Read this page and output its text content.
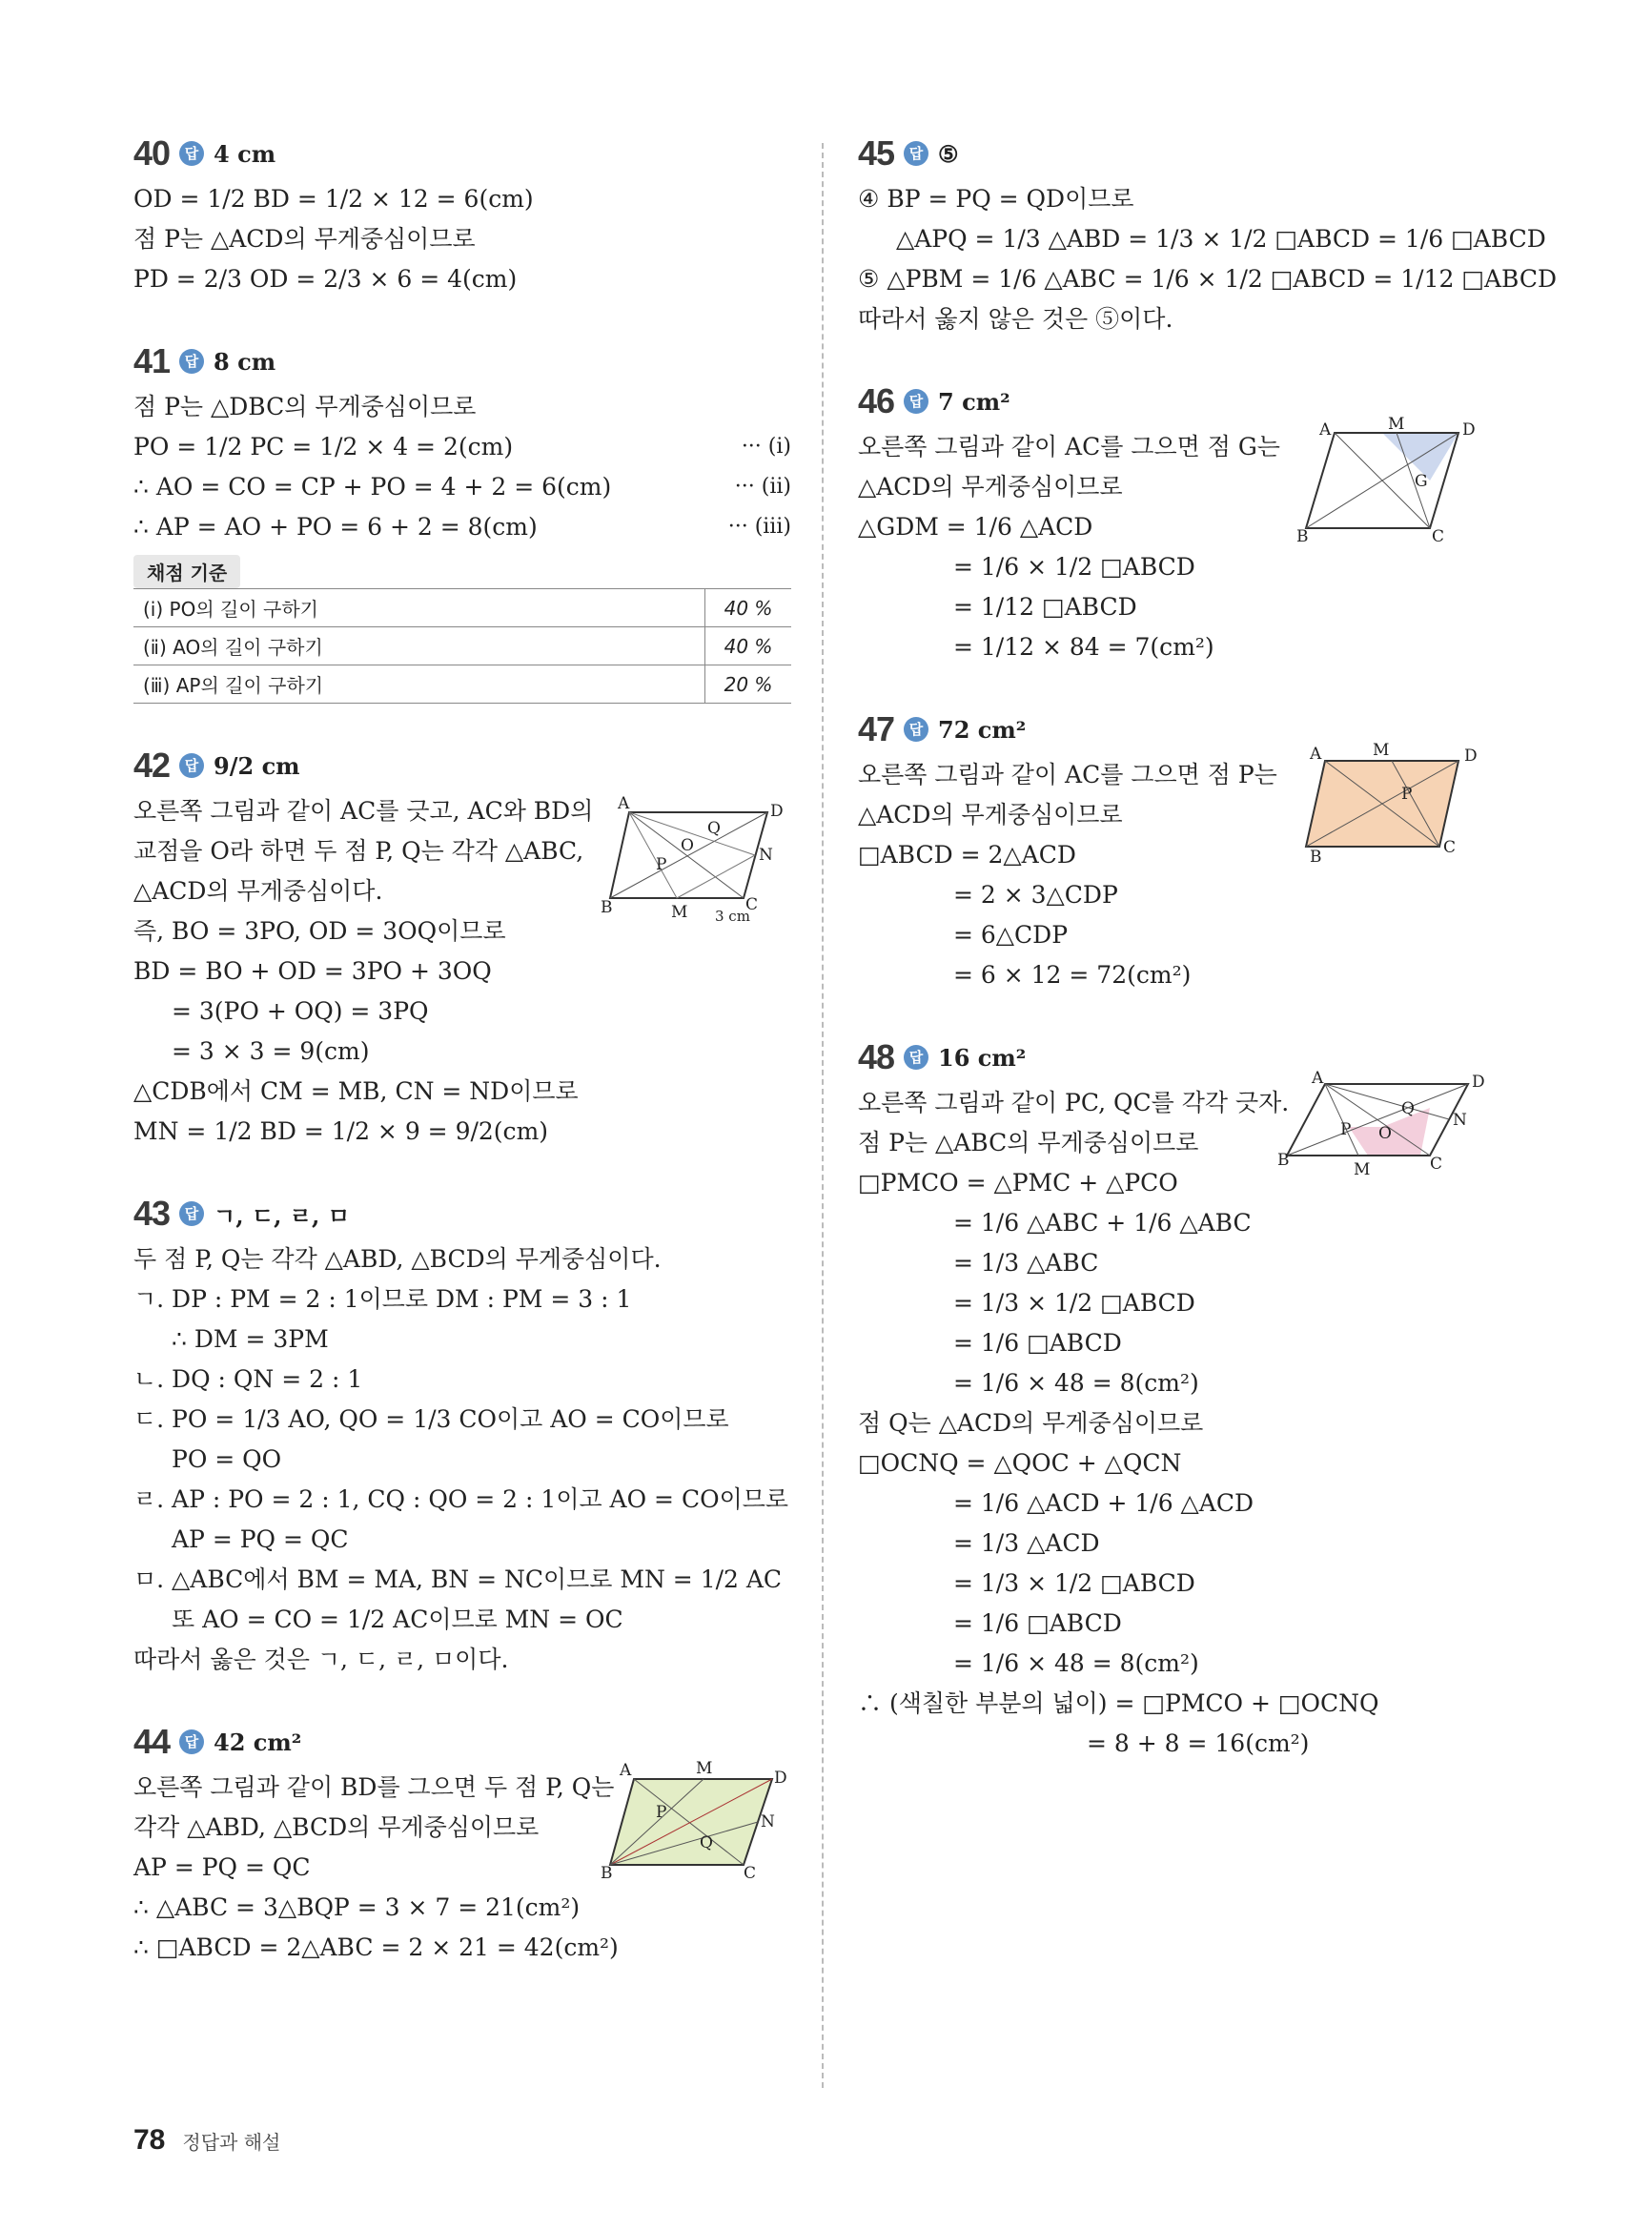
40	답 4 cm
OD = 1/2 BD = 1/2 × 12 = 6(cm)
점 P는 △ACD의 무게중심이므로
PD = 2/3 OD = 2/3 × 6 = 4(cm)
41	답 8 cm
점 P는 △DBC의 무게중심이므로
PO = 1/2 PC = 1/2 × 4 = 2(cm)	··· (ⅰ)
∴ AO = CO = CP + PO = 4 + 2 = 6(cm)	··· (ⅱ)
∴ AP = AO + PO = 6 + 2 = 8(cm)	··· (ⅲ)
채점 기준
(ⅰ) PO의 길이 구하기	40 %
(ⅱ) AO의 길이 구하기	40 %
(ⅲ) AP의 길이 구하기	20 %
42	답 9/2 cm
A	D
B	C
M
N
O
P
Q
3 cm
오른쪽 그림과 같이 AC를 긋고, AC와 BD의
교점을 O라 하면 두 점 P, Q는 각각 △ABC,
△ACD의 무게중심이다.
즉, BO = 3PO, OD = 3OQ이므로
BD = BO + OD = 3PO + 3OQ
= 3(PO + OQ) = 3PQ
= 3 × 3 = 9(cm)
△CDB에서 CM = MB, CN = ND이므로
MN = 1/2 BD = 1/2 × 9 = 9/2(cm)
43	답 ㄱ, ㄷ, ㄹ, ㅁ
두 점 P, Q는 각각 △ABD, △BCD의 무게중심이다.
ㄱ. DP : PM = 2 : 1이므로 DM : PM = 3 : 1
∴ DM = 3PM
ㄴ. DQ : QN = 2 : 1
ㄷ. PO = 1/3 AO, QO = 1/3 CO이고 AO = CO이므로
PO = QO
ㄹ. AP : PO = 2 : 1, CQ : QO = 2 : 1이고 AO = CO이므로
AP = PQ = QC
ㅁ. △ABC에서 BM = MA, BN = NC이므로 MN = 1/2 AC
또 AO = CO = 1/2 AC이므로 MN = OC
따라서 옳은 것은 ㄱ, ㄷ, ㄹ, ㅁ이다.
44	답 42 cm²
A	D
B	C
M
N
P
Q
오른쪽 그림과 같이 BD를 그으면 두 점 P, Q는
각각 △ABD, △BCD의 무게중심이므로
AP = PQ = QC
∴ △ABC = 3△BQP = 3 × 7 = 21(cm²)
∴ □ABCD = 2△ABC = 2 × 21 = 42(cm²)
45	답 ⑤
④ BP = PQ = QD이므로
△APQ = 1/3 △ABD = 1/3 × 1/2 □ABCD = 1/6 □ABCD
⑤ △PBM = 1/6 △ABC = 1/6 × 1/2 □ABCD = 1/12 □ABCD
따라서 옳지 않은 것은 ⑤이다.
46	답 7 cm²
A	D
B	C
M
G
오른쪽 그림과 같이 AC를 그으면 점 G는
△ACD의 무게중심이므로
△GDM = 1/6 △ACD
= 1/6 × 1/2 □ABCD
= 1/12 □ABCD
= 1/12 × 84 = 7(cm²)
47	답 72 cm²
A	D
B	C
M
P
오른쪽 그림과 같이 AC를 그으면 점 P는
△ACD의 무게중심이므로
□ABCD = 2△ACD
= 2 × 3△CDP
= 6△CDP
= 6 × 12 = 72(cm²)
48	답 16 cm²
A	D
B	C
M
N
O
P
Q
오른쪽 그림과 같이 PC, QC를 각각 긋자.
점 P는 △ABC의 무게중심이므로
□PMCO = △PMC + △PCO
= 1/6 △ABC + 1/6 △ABC
= 1/3 △ABC
= 1/3 × 1/2 □ABCD
= 1/6 □ABCD
= 1/6 × 48 = 8(cm²)
점 Q는 △ACD의 무게중심이므로
□OCNQ = △QOC + △QCN
= 1/6 △ACD + 1/6 △ACD
= 1/3 △ACD
= 1/3 × 1/2 □ABCD
= 1/6 □ABCD
= 1/6 × 48 = 8(cm²)
∴ (색칠한 부분의 넓이) = □PMCO + □OCNQ
= 8 + 8 = 16(cm²)
78 정답과 해설
